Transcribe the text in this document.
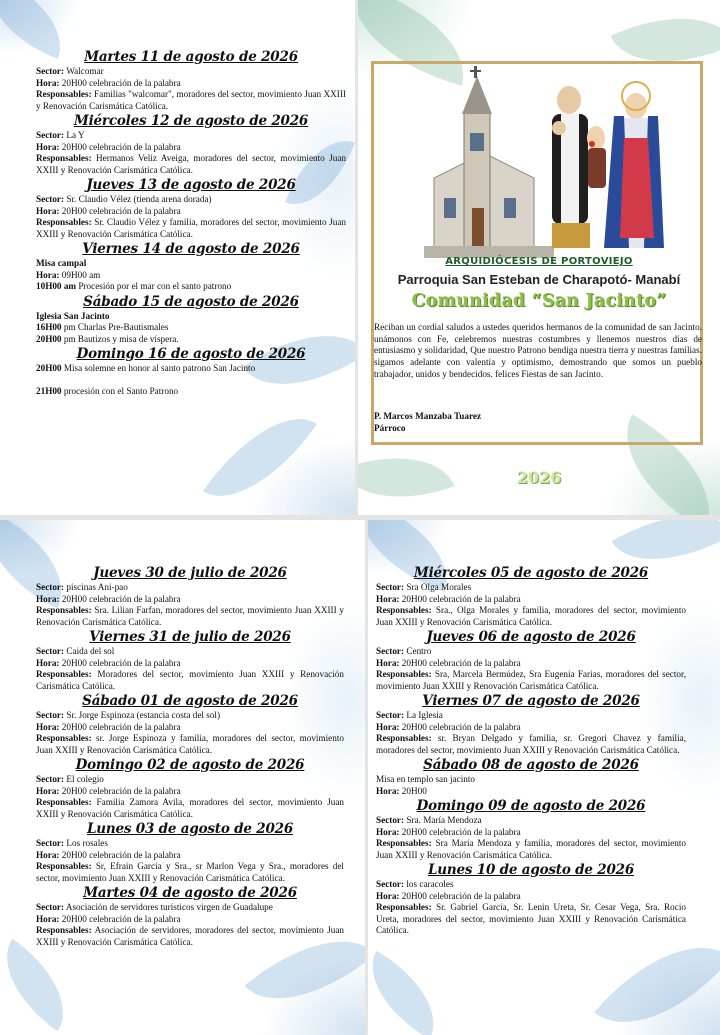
Martes 11 de agosto de 2026
Sector: Walcomar
Hora: 20H00 celebración de la palabra
Responsables: Familias "walcomar", moradores del sector, movimiento Juan XXIII y Renovación Carismática Católica.
Miércoles 12 de agosto de 2026
Sector: La Y
Hora: 20H00 celebración de la palabra
Responsables: Hermanos Veliz Aveiga, moradores del sector, movimiento Juan XXIII y Renovación Carismática Católica.
Jueves 13 de agosto de 2026
Sector: Sr. Claudio Vélez (tienda arena dorada)
Hora: 20H00 celebración de la palabra
Responsables: Sr. Claudio Vélez y familia, moradores del sector, movimiento Juan XXIII y Renovación Carismática Católica.
Viernes 14 de agosto de 2026
Misa campal
Hora: 09H00 am
10H00 am Procesión por el mar con el santo patrono
Sábado 15 de agosto de 2026
Iglesia San Jacinto
16H00 pm Charlas Pre-Bautismales
20H00 pm Bautizos y misa de víspera.
Domingo 16 de agosto de 2026
20H00 Misa solemne en honor al santo patrono San Jacinto
21H00 procesión con el Santo Patrono
ARQUIDIÓCESIS DE PORTOVIEJO
Parroquia San Esteban de Charapotó- Manabí
Comunidad “San Jacinto”
Reciban un cordial saludos a ustedes queridos hermanos de la comunidad de san Jacinto. unámonos con Fe, celebremos nuestras costumbres y llenemos nuestros días de entusiasmo y solidaridad, Que nuestro Patrono bendiga nuestra tierra y nuestras familias. sigamos adelante con valentía y optimismo, demostrando que somos un pueblo trabajador, unidos y bendecidos. felices Fiestas de san Jacinto.
P. Marcos Manzaba Tuarez
Párroco
2026
Jueves 30 de julio de 2026
Sector: piscinas Ani-pao
Hora: 20H00 celebración de la palabra
Responsables: Sra. Lilian Farfan, moradores del sector, movimiento Juan XXIII y Renovación Carismática Católica.
Viernes 31 de julio de 2026
Sector: Caida del sol
Hora: 20H00 celebración de la palabra
Responsables: Moradores del sector, movimiento Juan XXIII y Renovación Carismática Católica.
Sábado 01 de agosto de 2026
Sector: Sr. Jorge Espinoza (estancia costa del sol)
Hora: 20H00 celebración de la palabra
Responsables: sr. Jorge Espinoza y familia, moradores del sector, movimiento Juan XXIII y Renovación Carismática Católica.
Domingo 02 de agosto de 2026
Sector: El colegio
Hora: 20H00 celebración de la palabra
Responsables: Familia Zamora Avila, moradores del sector, movimiento Juan XXIII y Renovación Carismática Católica.
Lunes 03 de agosto de 2026
Sector: Los rosales
Hora: 20H00 celebración de la palabra
Responsables: Sr, Efrain García y Sra., sr Marlon Vega y Sra., moradores del sector, movimiento Juan XXIII y Renovación Carismática Católica.
Martes 04 de agosto de 2026
Sector: Asociación de servidores turísticos virgen de Guadalupe
Hora: 20H00 celebración de la palabra
Responsables: Asociación de servidores, moradores del sector, movimiento Juan XXIII y Renovación Carismática Católica.
Miércoles 05 de agosto de 2026
Sector: Sra Olga Morales
Hora: 20H00 celebración de la palabra
Responsables: Sra., Olga Morales y familia, moradores del sector, movimiento Juan XXIII y Renovación Carismática Católica.
Jueves 06 de agosto de 2026
Sector: Centro
Hora: 20H00 celebración de la palabra
Responsables: Sra, Marcela Bermúdez, Sra Eugenia Farias, moradores del sector, movimiento Juan XXIII y Renovación Carismática Católica.
Viernes 07 de agosto de 2026
Sector: La Iglesia
Hora: 20H00 celebración de la palabra
Responsables: sr. Bryan Delgado y familia, sr. Gregori Chavez y familia, moradores del sector, movimiento Juan XXIII y Renovación Carismática Católica.
Sábado 08 de agosto de 2026
Misa en templo san jacinto
Hora: 20H00
Domingo 09 de agosto de 2026
Sector: Sra. María Mendoza
Hora: 20H00 celebración de la palabra
Responsables: Sra María Mendoza y familia, moradores del sector, movimiento Juan XXIII y Renovación Carismática Católica.
Lunes 10 de agosto de 2026
Sector: los caracoles
Hora: 20H00 celebración de la palabra
Responsables: Sr. Gabriel García, Sr. Lenin Ureta, Sr. Cesar Vega, Sra. Rocio Ureta, moradores del sector, movimiento Juan XXIII y Renovación Carismática Católica.
